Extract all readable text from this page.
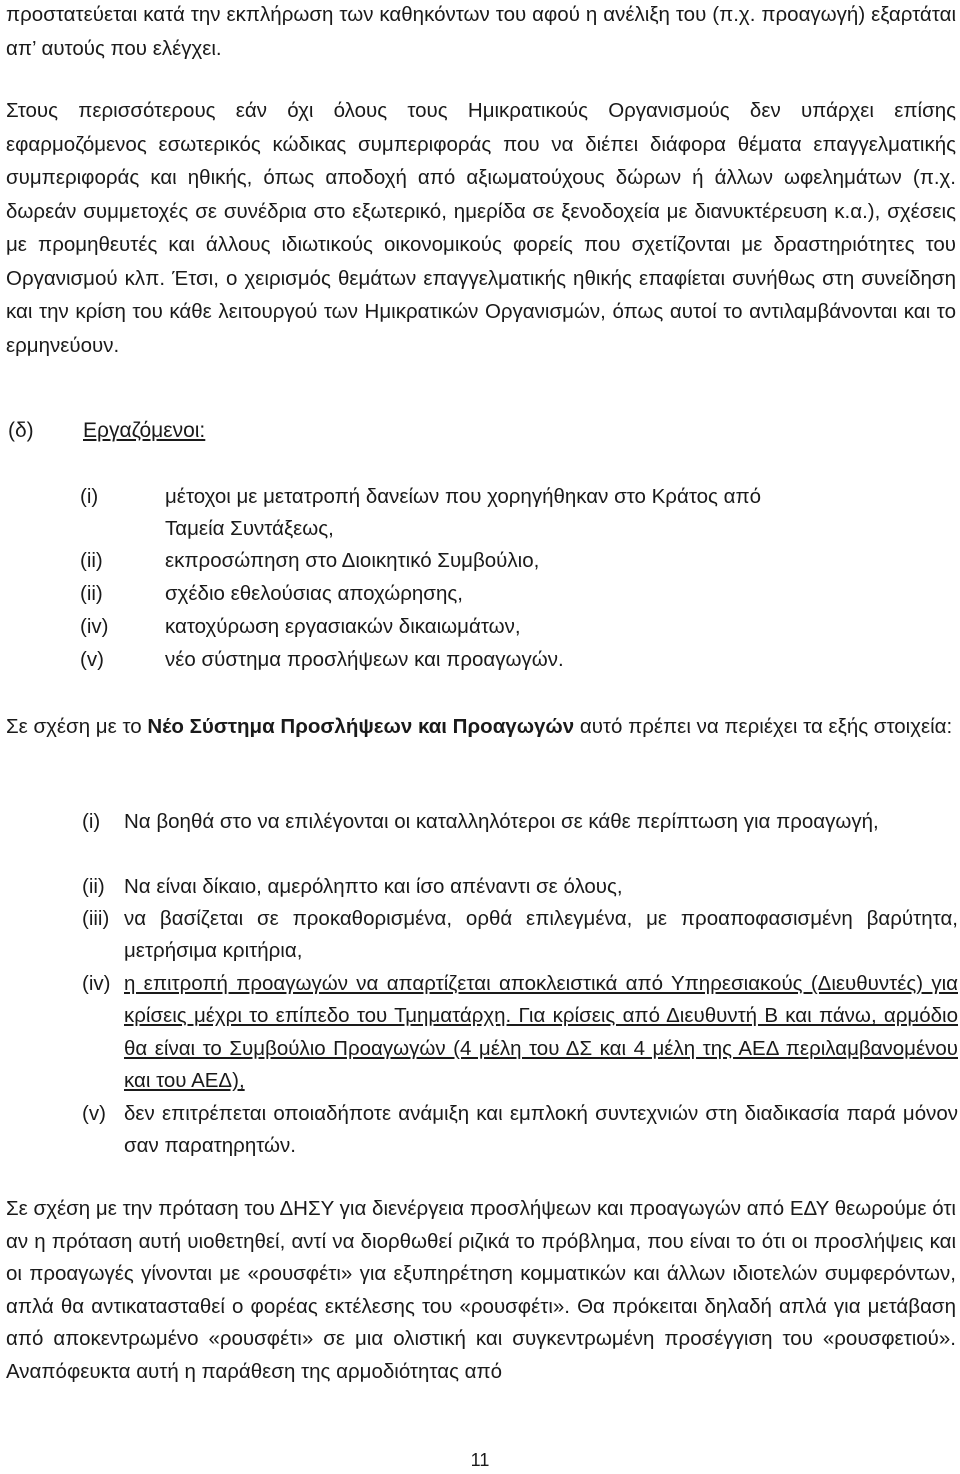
προστατεύεται κατά την εκπλήρωση των καθηκόντων του αφού η ανέλιξη του (π.χ. προαγωγή) εξαρτάται απ’ αυτούς που ελέγχει.

Στους περισσότερους εάν όχι όλους τους Ημικρατικούς Οργανισμούς δεν υπάρχει επίσης εφαρμοζόμενος εσωτερικός κώδικας συμπεριφοράς που να διέπει διάφορα θέματα επαγγελματικής συμπεριφοράς και ηθικής, όπως αποδοχή από αξιωματούχους δώρων ή άλλων ωφελημάτων (π.χ. δωρεάν συμμετοχές σε συνέδρια στο εξωτερικό, ημερίδα σε ξενοδοχεία με διανυκτέρευση κ.α.), σχέσεις με προμηθευτές και άλλους ιδιωτικούς οικονομικούς φορείς που σχετίζονται με δραστηριότητες του Οργανισμού κλπ. Έτσι, ο χειρισμός θεμάτων επαγγελματικής ηθικής επαφίεται συνήθως στη συνείδηση και την κρίση του κάθε λειτουργού των Ημικρατικών Οργανισμών, όπως αυτοί το αντιλαμβάνονται και το ερμηνεύουν.

(δ) Εργαζόμενοι:
(i)	μέτοχοι με μετατροπή δανείων που χορηγήθηκαν στο Κράτος από
Ταμεία Συντάξεως,
(ii)	εκπροσώπηση στο Διοικητικό Συμβούλιο,
(ii)	σχέδιο εθελούσιας αποχώρησης,
(iv)	κατοχύρωση εργασιακών δικαιωμάτων,
(v)	νέο σύστημα προσλήψεων και προαγωγών.

Σε σχέση με το Νέο Σύστημα Προσλήψεων και Προαγωγών αυτό πρέπει να περιέχει τα εξής στοιχεία:

(i) Να βοηθά στο να επιλέγονται οι καταλληλότεροι σε κάθε περίπτωση για προαγωγή,

(ii) Να είναι δίκαιο, αμερόληπτο και ίσο απέναντι σε όλους,

(iii) να βασίζεται σε προκαθορισμένα, ορθά επιλεγμένα, με προαποφασισμένη βαρύτητα, μετρήσιμα κριτήρια,

(iv) η επιτροπή προαγωγών να απαρτίζεται αποκλειστικά από Υπηρεσιακούς (Διευθυντές) για κρίσεις μέχρι το επίπεδο του Τμηματάρχη. Για κρίσεις από Διευθυντή Β και πάνω, αρμόδιο θα είναι το Συμβούλιο Προαγωγών (4 μέλη του ΔΣ και 4 μέλη της ΑΕΔ περιλαμβανομένου και του ΑΕΔ),

(v) δεν επιτρέπεται οποιαδήποτε ανάμιξη και εμπλοκή συντεχνιών στη διαδικασία παρά μόνον σαν παρατηρητών.

Σε σχέση με την πρόταση του ΔΗΣΥ για διενέργεια προσλήψεων και προαγωγών από ΕΔΥ θεωρούμε ότι αν η πρόταση αυτή υιοθετηθεί, αντί να διορθωθεί ριζικά το πρόβλημα, που είναι το ότι οι προσλήψεις και οι προαγωγές γίνονται με «ρουσφέτι» για εξυπηρέτηση κομματικών και άλλων ιδιοτελών συμφερόντων, απλά θα αντικατασταθεί ο φορέας εκτέλεσης του «ρουσφέτι». Θα πρόκειται δηλαδή απλά για μετάβαση από αποκεντρωμένο «ρουσφέτι» σε μια ολιστική και συγκεντρωμένη προσέγγιση του «ρουσφετιού». Αναπόφευκτα αυτή η παράθεση της αρμοδιότητας από

11
